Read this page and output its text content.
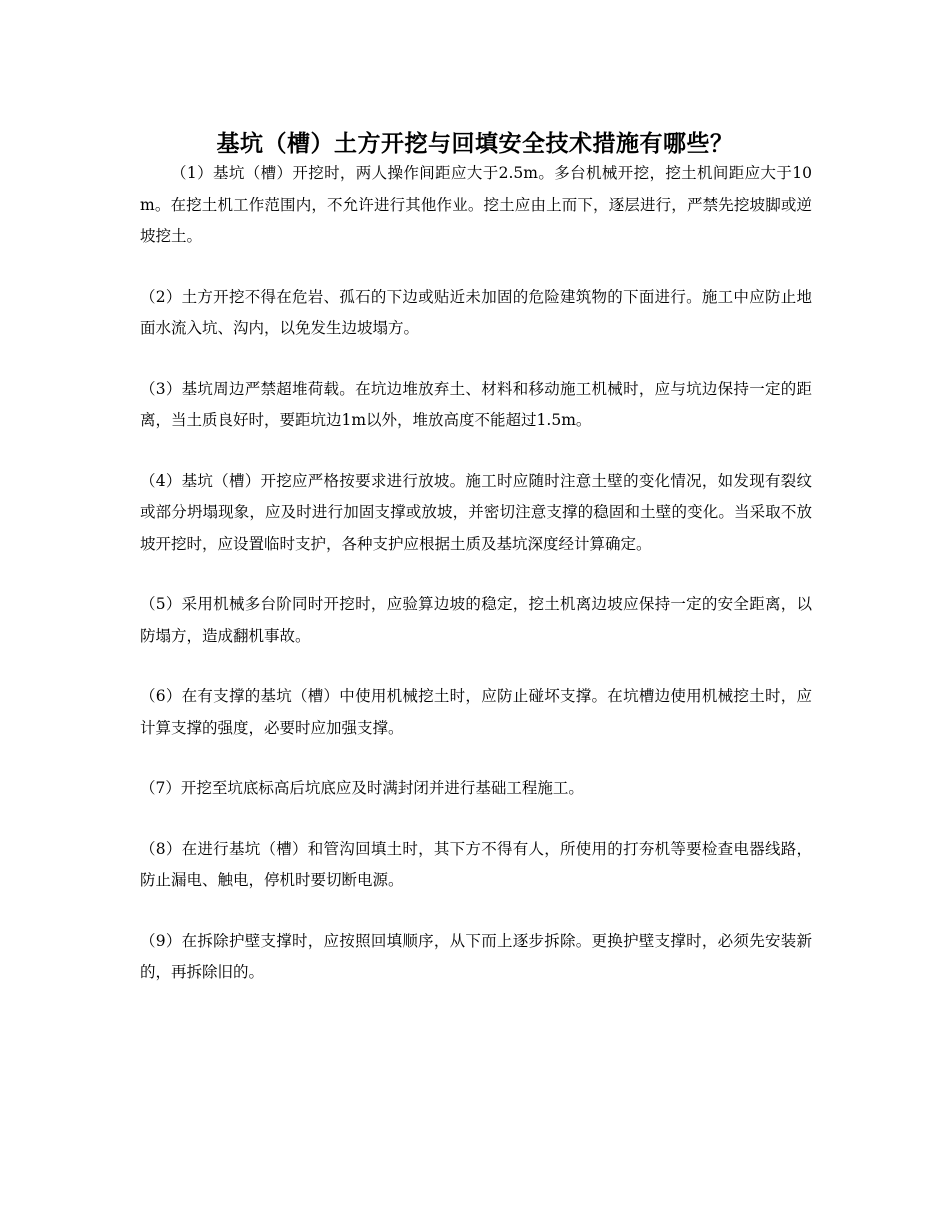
基坑（槽）土方开挖与回填安全技术措施有哪些？

（1）基坑（槽）开挖时，两人操作间距应大于2.5m。多台机械开挖，挖土机间距应大于10m。在挖土机工作范围内，不允许进行其他作业。挖土应由上而下，逐层进行，严禁先挖坡脚或逆坡挖土。

（2）土方开挖不得在危岩、孤石的下边或贴近未加固的危险建筑物的下面进行。施工中应防止地面水流入坑、沟内，以免发生边坡塌方。

（3）基坑周边严禁超堆荷载。在坑边堆放弃土、材料和移动施工机械时，应与坑边保持一定的距离，当土质良好时，要距坑边1m以外，堆放高度不能超过1.5m。

（4）基坑（槽）开挖应严格按要求进行放坡。施工时应随时注意土壁的变化情况，如发现有裂纹或部分坍塌现象，应及时进行加固支撑或放坡，并密切注意支撑的稳固和土壁的变化。当采取不放坡开挖时，应设置临时支护，各种支护应根据土质及基坑深度经计算确定。

（5）采用机械多台阶同时开挖时，应验算边坡的稳定，挖土机离边坡应保持一定的安全距离，以防塌方，造成翻机事故。

（6）在有支撑的基坑（槽）中使用机械挖土时，应防止碰坏支撑。在坑槽边使用机械挖土时，应计算支撑的强度，必要时应加强支撑。

（7）开挖至坑底标高后坑底应及时满封闭并进行基础工程施工。

（8）在进行基坑（槽）和管沟回填土时，其下方不得有人，所使用的打夯机等要检查电器线路，防止漏电、触电，停机时要切断电源。

（9）在拆除护壁支撑时，应按照回填顺序，从下而上逐步拆除。更换护壁支撑时，必须先安装新的，再拆除旧的。
